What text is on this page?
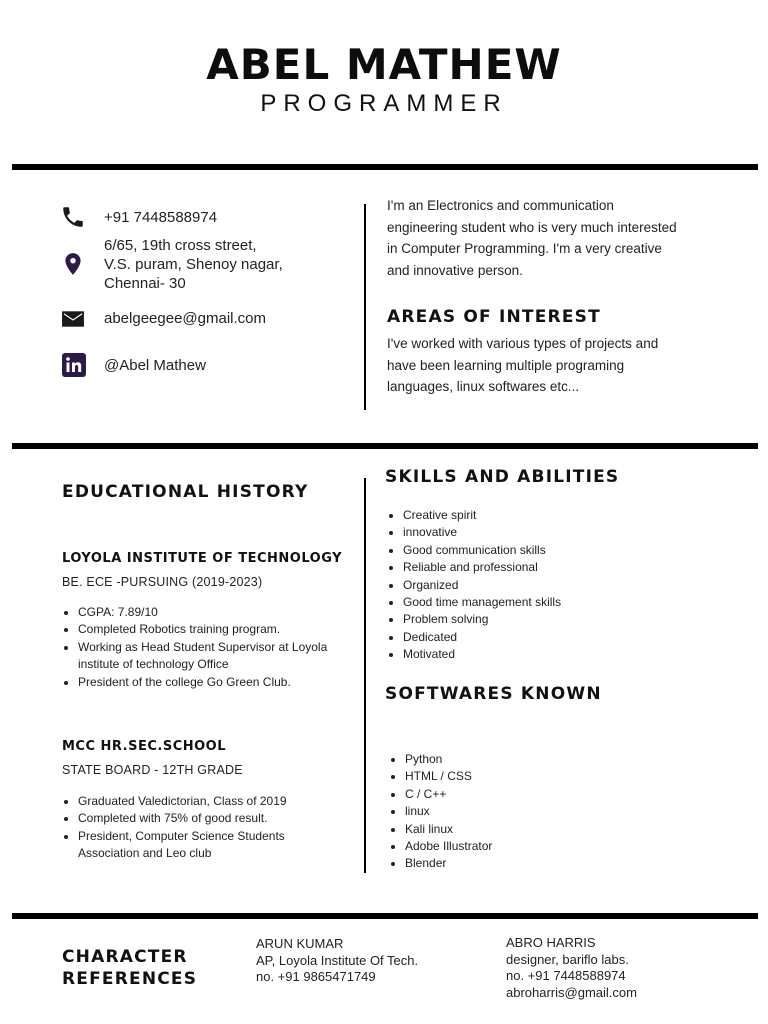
ABEL MATHEW
PROGRAMMER
+91 7448588974
6/65, 19th cross street,
V.S. puram, Shenoy nagar,
Chennai- 30
abelgeegee@gmail.com
@Abel Mathew
I'm an Electronics and communication engineering student who is very much interested in Computer Programming. I'm a very creative and innovative person.
AREAS OF INTEREST
I've worked with various types of projects and have been learning multiple programing languages, linux softwares etc...
EDUCATIONAL HISTORY
LOYOLA INSTITUTE OF TECHNOLOGY
BE. ECE -PURSUING (2019-2023)
• CGPA: 7.89/10
• Completed Robotics training program.
• Working as Head Student Supervisor at Loyola institute of technology Office
• President of the college Go Green Club.
MCC HR.SEC.SCHOOL
STATE BOARD - 12TH GRADE
• Graduated Valedictorian, Class of 2019
• Completed with 75% of good result.
• President, Computer Science Students Association and Leo club
SKILLS AND ABILITIES
• Creative spirit
• innovative
• Good communication skills
• Reliable and professional
• Organized
• Good time management skills
• Problem solving
• Dedicated
• Motivated
SOFTWARES KNOWN
• Python
• HTML / CSS
• C / C++
• linux
• Kali linux
• Adobe Illustrator
• Blender
CHARACTER
REFERENCES
ARUN KUMAR
AP, Loyola Institute Of Tech.
no. +91 9865471749
ABRO HARRIS
designer, bariflo labs.
no. +91 7448588974
abroharris@gmail.com
